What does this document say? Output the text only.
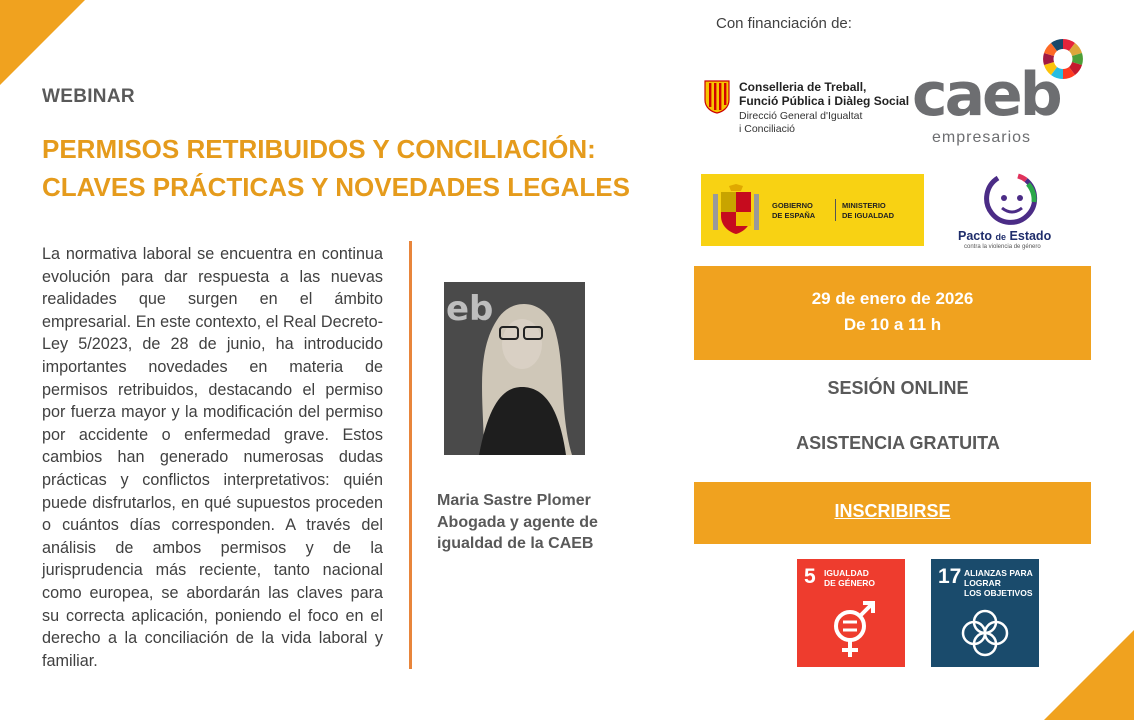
WEBINAR
PERMISOS RETRIBUIDOS Y CONCILIACIÓN:
CLAVES PRÁCTICAS Y NOVEDADES LEGALES
La normativa laboral se encuentra en continua evolución para dar respuesta a las nuevas realidades que surgen en el ámbito empresarial. En este contexto, el Real Decreto-Ley 5/2023, de 28 de junio, ha introducido importantes novedades en materia de permisos retribuidos, destacando el permiso por fuerza mayor y la modificación del permiso por accidente o enfermedad grave. Estos cambios han generado numerosas dudas prácticas y conflictos interpretativos: quién puede disfrutarlos, en qué supuestos proceden o cuántos días corresponden. A través del análisis de ambos permisos y de la jurisprudencia más reciente, tanto nacional como europea, se abordarán las claves para su correcta aplicación, poniendo el foco en el derecho a la conciliación de la vida laboral y familiar.
eb
Maria Sastre Plomer
Abogada y agente de
igualdad de la CAEB
Con financiación de:
Conselleria de Treball,
Funció Pública i Diàleg Social
Direcció General d'Igualtat
i Conciliació	caeb
empresarios
GOBIERNO
DE ESPAÑA
MINISTERIO
DE IGUALDAD
Pacto de Estado
contra la violencia de género
29 de enero de 2026
De 10 a 11 h
SESIÓN ONLINE
ASISTENCIA GRATUITA
INSCRIBIRSE
5 IGUALDAD
DE GÉNERO	17 ALIANZAS PARA
LOGRAR
LOS OBJETIVOS
